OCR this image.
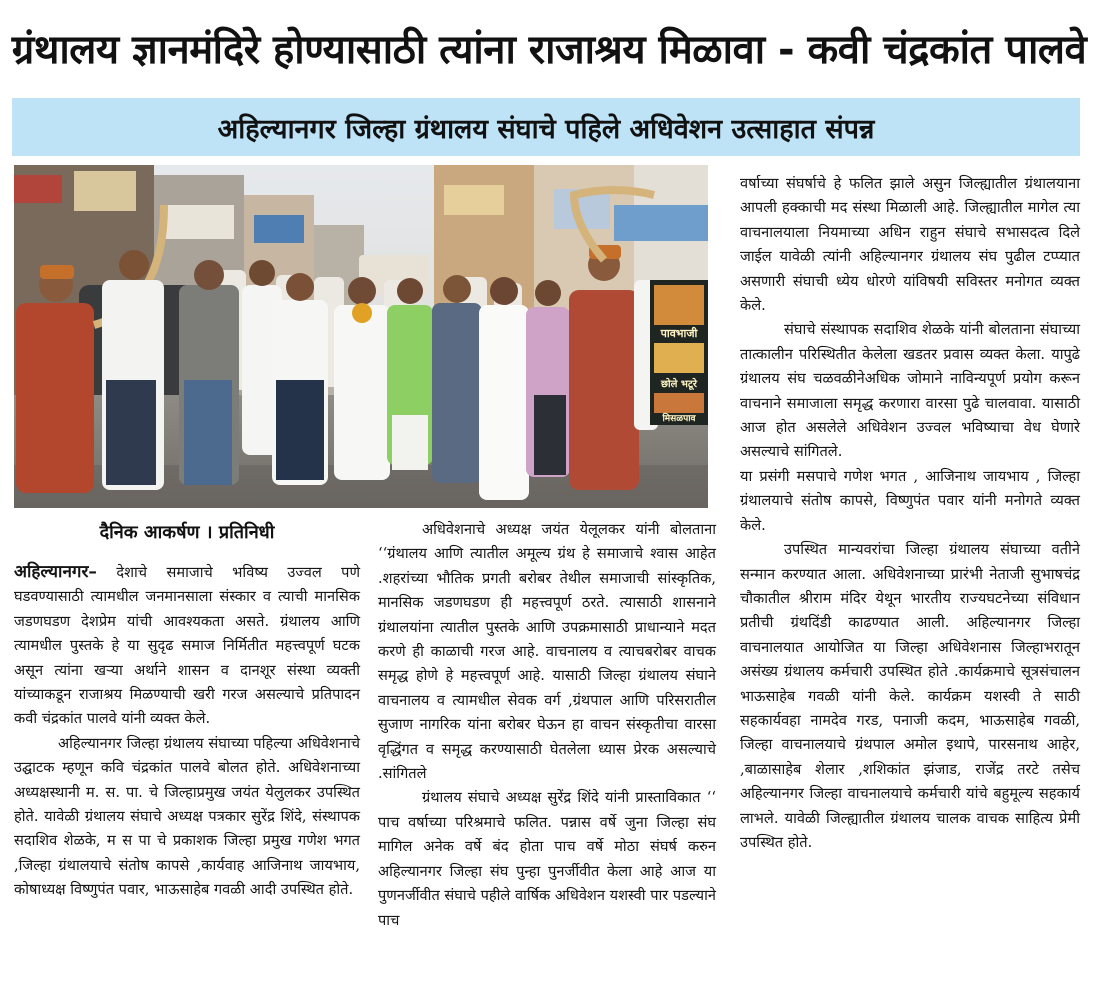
ग्रंथालय ज्ञानमंदिरे होण्यासाठी त्यांना राजाश्रय मिळावा - कवी चंद्रकांत पालवे
अहिल्यानगर जिल्हा ग्रंथालय संघाचे पहिले अधिवेशन उत्साहात संपन्न
पावभाजी
छोले भटूरे
मिसळपाव
दैनिक आकर्षण । प्रतिनिधी

अहिल्यानगर– देशाचे समाजाचे भविष्य उज्वल पणे घडवण्यासाठी त्यामधील जनमानसाला संस्कार व त्याची मानसिक जडणघडण देशप्रेम यांची आवश्यकता असते. ग्रंथालय आणि त्यामधील पुस्तके हे या सुदृढ समाज निर्मितीत महत्त्वपूर्ण घटक असून त्यांना खऱ्या अर्थाने शासन व दानशूर संस्था व्यक्ती यांच्याकडून राजाश्रय मिळण्याची खरी गरज असल्याचे प्रतिपादन कवी चंद्रकांत पालवे यांनी व्यक्त केले.

अहिल्यानगर जिल्हा ग्रंथालय संघाच्या पहिल्या अधिवेशनाचे उद्घाटक म्हणून कवि चंद्रकांत पालवे बोलत होते. अधिवेशनाच्या अध्यक्षस्थानी म. स. पा. चे जिल्हाप्रमुख जयंत येलुलकर उपस्थित होते. यावेळी ग्रंथालय संघाचे अध्यक्ष पत्रकार सुरेंद्र शिंदे, संस्थापक सदाशिव शेळके, म स पा चे प्रकाशक जिल्हा प्रमुख गणेश भगत ,जिल्हा ग्रंथालयाचे संतोष कापसे ,कार्यवाह आजिनाथ जायभाय, कोषाध्यक्ष विष्णुपंत पवार, भाऊसाहेब गवळी आदी उपस्थित होते.

अधिवेशनाचे अध्यक्ष जयंत येलूलकर यांनी बोलताना ‘‘ग्रंथालय आणि त्यातील अमूल्य ग्रंथ हे समाजाचे श्वास आहेत .शहरांच्या भौतिक प्रगती बरोबर तेथील समाजाची सांस्कृतिक, मानसिक जडणघडण ही महत्त्वपूर्ण ठरते. त्यासाठी शासनाने ग्रंथालयांना त्यातील पुस्तके आणि उपक्रमासाठी प्राधान्याने मदत करणे ही काळाची गरज आहे. वाचनालय व त्याचबरोबर वाचक समृद्ध होणे हे महत्त्वपूर्ण आहे. यासाठी जिल्हा ग्रंथालय संघाने वाचनालय व त्यामधील सेवक वर्ग ,ग्रंथपाल आणि परिसरातील सुजाण नागरिक यांना बरोबर घेऊन हा वाचन संस्कृतीचा वारसा वृद्धिंगत व समृद्ध करण्यासाठी घेतलेला ध्यास प्रेरक असल्याचे .सांगितले

ग्रंथालय संघाचे अध्यक्ष सुरेंद्र शिंदे यांनी प्रास्ताविकात ‘‘ पाच वर्षाच्या परिश्रमाचे फलित. पन्नास वर्षे जुना जिल्हा संघ मागिल अनेक वर्षे बंद होता पाच वर्षे मोठा संघर्ष करुन अहिल्यानगर जिल्हा संघ पुन्हा पुनर्जीवीत केला आहे आज या पुणनर्जीवीत संघाचे पहीले वार्षिक अधिवेशन यशस्वी पार पडल्याने पाच

वर्षाच्या संघर्षाचे हे फलित झाले असुन जिल्ह्यातील ग्रंथालयाना आपली हक्काची मद संस्था मिळाली आहे. जिल्ह्यातील मागेल त्या वाचनालयाला नियमाच्या अधिन राहुन संघाचे सभासदत्व दिले जाईल यावेळी त्यांनी अहिल्यानगर ग्रंथालय संघ पुढील टप्प्यात असणारी संघाची ध्येय धोरणे यांविषयी सविस्तर मनोगत व्यक्त केले.

संघाचे संस्थापक सदाशिव शेळके यांनी बोलताना संघाच्या तात्कालीन परिस्थितीत केलेला खडतर प्रवास व्यक्त केला. यापुढे ग्रंथालय संघ चळवळीनेअधिक जोमाने नाविन्यपूर्ण प्रयोग करून वाचनाने समाजाला समृद्ध करणारा वारसा पुढे चालवावा. यासाठी आज होत असलेले अधिवेशन उज्वल भविष्याचा वेध घेणारे असल्याचे सांगितले.

या प्रसंगी मसपाचे गणेश भगत , आजिनाथ जायभाय , जिल्हा ग्रंथालयाचे संतोष कापसे, विष्णुपंत पवार यांनी मनोगते व्यक्त केले.

उपस्थित मान्यवरांचा जिल्हा ग्रंथालय संघाच्या वतीने सन्मान करण्यात आला. अधिवेशनाच्या प्रारंभी नेताजी सुभाषचंद्र चौकातील श्रीराम मंदिर येथून भारतीय राज्यघटनेच्या संविधान प्रतीची ग्रंथदिंडी काढण्यात आली. अहिल्यानगर जिल्हा वाचनालयात आयोजित या जिल्हा अधिवेशनास जिल्हाभरातून असंख्य ग्रंथालय कर्मचारी उपस्थित होते .कार्यक्रमाचे सूत्रसंचालन भाऊसाहेब गवळी यांनी केले. कार्यक्रम यशस्वी ते साठी सहकार्यवहा नामदेव गरड, पनाजी कदम, भाऊसाहेब गवळी, जिल्हा वाचनालयाचे ग्रंथपाल अमोल इथापे, पारसनाथ आहेर, ,बाळासाहेब शेलार ,शशिकांत झंजाड, राजेंद्र तरटे तसेच अहिल्यानगर जिल्हा वाचनालयाचे कर्मचारी यांचे बहुमूल्य सहकार्य लाभले. यावेळी जिल्ह्यातील ग्रंथालय चालक वाचक साहित्य प्रेमी उपस्थित होते.
